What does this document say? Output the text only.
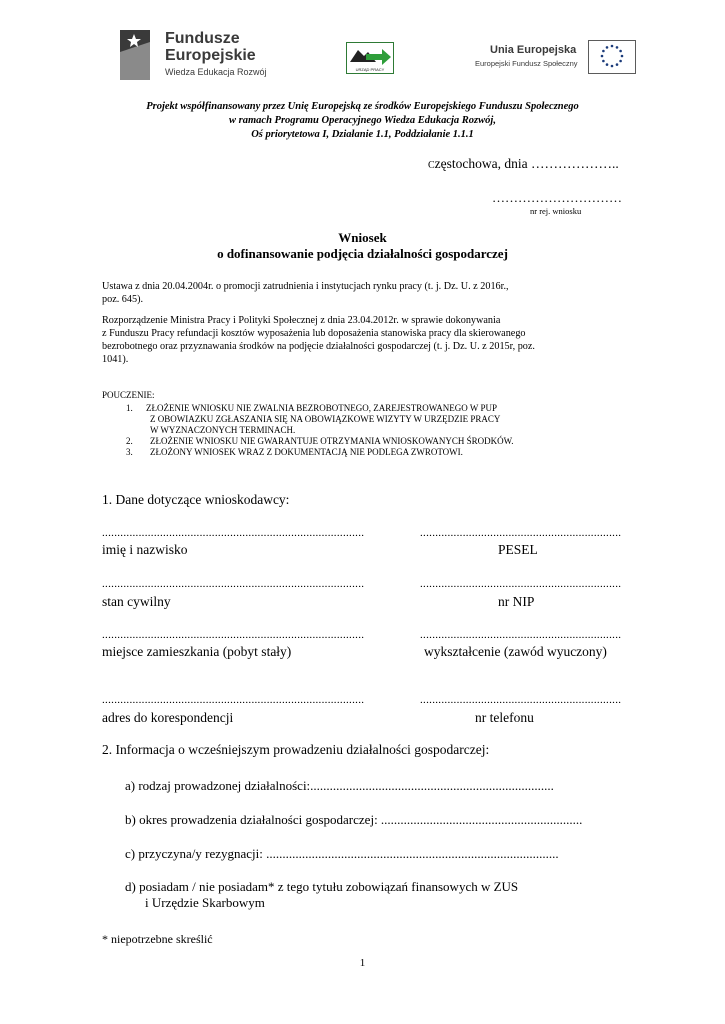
Fundusze
Europejskie
Wiedza Edukacja Rozwój	URZĄD PRACY
Unia Europejska
Europejski Fundusz Społeczny
Projekt współfinansowany przez Unię Europejską ze środków Europejskiego Funduszu Społecznego
w ramach Programu Operacyjnego Wiedza Edukacja Rozwój,
Oś priorytetowa I, Działanie 1.1, Poddziałanie 1.1.1
Częstochowa, dnia ………………..
…………………………
nr rej. wniosku
Wniosek
o dofinansowanie podjęcia działalności gospodarczej
Ustawa z dnia 20.04.2004r. o promocji zatrudnienia i instytucjach rynku pracy (t. j. Dz. U. z 2016r.,
poz. 645).
Rozporządzenie Ministra Pracy i Polityki Społecznej z dnia 23.04.2012r. w sprawie dokonywania
z Funduszu Pracy refundacji kosztów wyposażenia lub doposażenia stanowiska pracy dla skierowanego
bezrobotnego oraz przyznawania środków na podjęcie działalności gospodarczej (t. j. Dz. U. z 2015r, poz.
1041).
POUCZENIE:
1. ZŁOŻENIE WNIOSKU NIE ZWALNIA BEZROBOTNEGO, ZAREJESTROWANEGO W PUP
Z OBOWIAZKU ZGŁASZANIA SIĘ NA OBOWIĄZKOWE WIZYTY W URZĘDZIE PRACY
W WYZNACZONYCH TERMINACH.
2. ZŁOŻENIE WNIOSKU NIE GWARANTUJE OTRZYMANIA WNIOSKOWANYCH ŚRODKÓW.
3. ZŁOŻONY WNIOSEK WRAZ Z DOKUMENTACJĄ NIE PODLEGA ZWROTOWI.
1. Dane dotyczące wnioskodawcy:
......................................................................................	..................................................................
imię i nazwisko	PESEL
......................................................................................	..................................................................
stan cywilny	nr NIP
......................................................................................	..................................................................
miejsce zamieszkania (pobyt stały)	wykształcenie (zawód wyuczony)
......................................................................................	..................................................................
adres do korespondencji	nr telefonu
2. Informacja o wcześniejszym prowadzeniu działalności gospodarczej:
a) rodzaj prowadzonej działalności:...........................................................................
b) okres prowadzenia działalności gospodarczej: ..............................................................
c) przyczyna/y rezygnacji: ..........................................................................................
d) posiadam / nie posiadam* z tego tytułu zobowiązań finansowych w ZUS
i Urzędzie Skarbowym
* niepotrzebne skreślić
1
